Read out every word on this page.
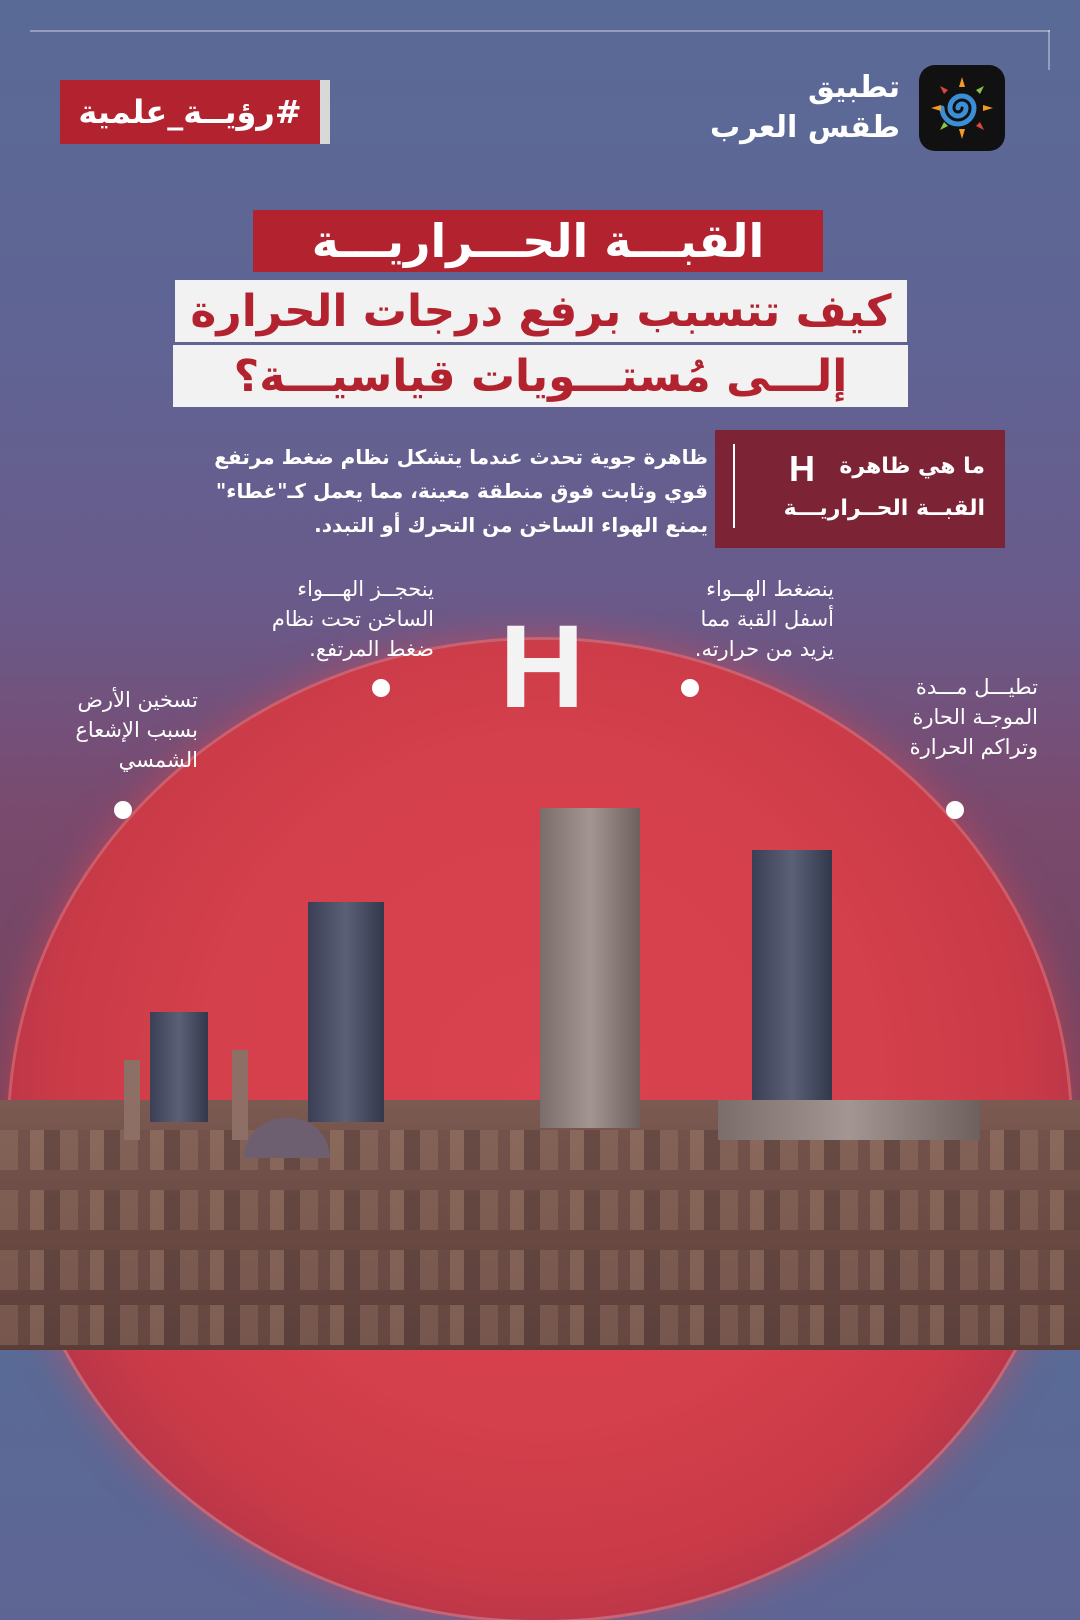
تطبيق
طقس العرب
#رؤيــة_علمية
القبـــة الحـــراريـــة
كيف تتسبب برفع درجات الحرارة
إلـــى مُستـــويات قياسيـــة؟
ما هي ظاهرة
H
القبــة الحــراريـــة
ظاهرة جوية تحدث عندما يتشكل نظام ضغط مرتفع
قوي وثابت فوق منطقة معينة، مما يعمل كـ"غطاء"
يمنع الهواء الساخن من التحرك أو التبدد.
H
تسخين الأرض
بسبب الإشعاع
الشمسي
ينحجــز الهـــواء
الساخن تحت نظام
ضغط المرتفع.
ينضغط الهــواء
أسفل القبة مما
يزيد من حرارته.
تطيـــل مـــدة
الموجـة الحارة
وتراكم الحرارة
